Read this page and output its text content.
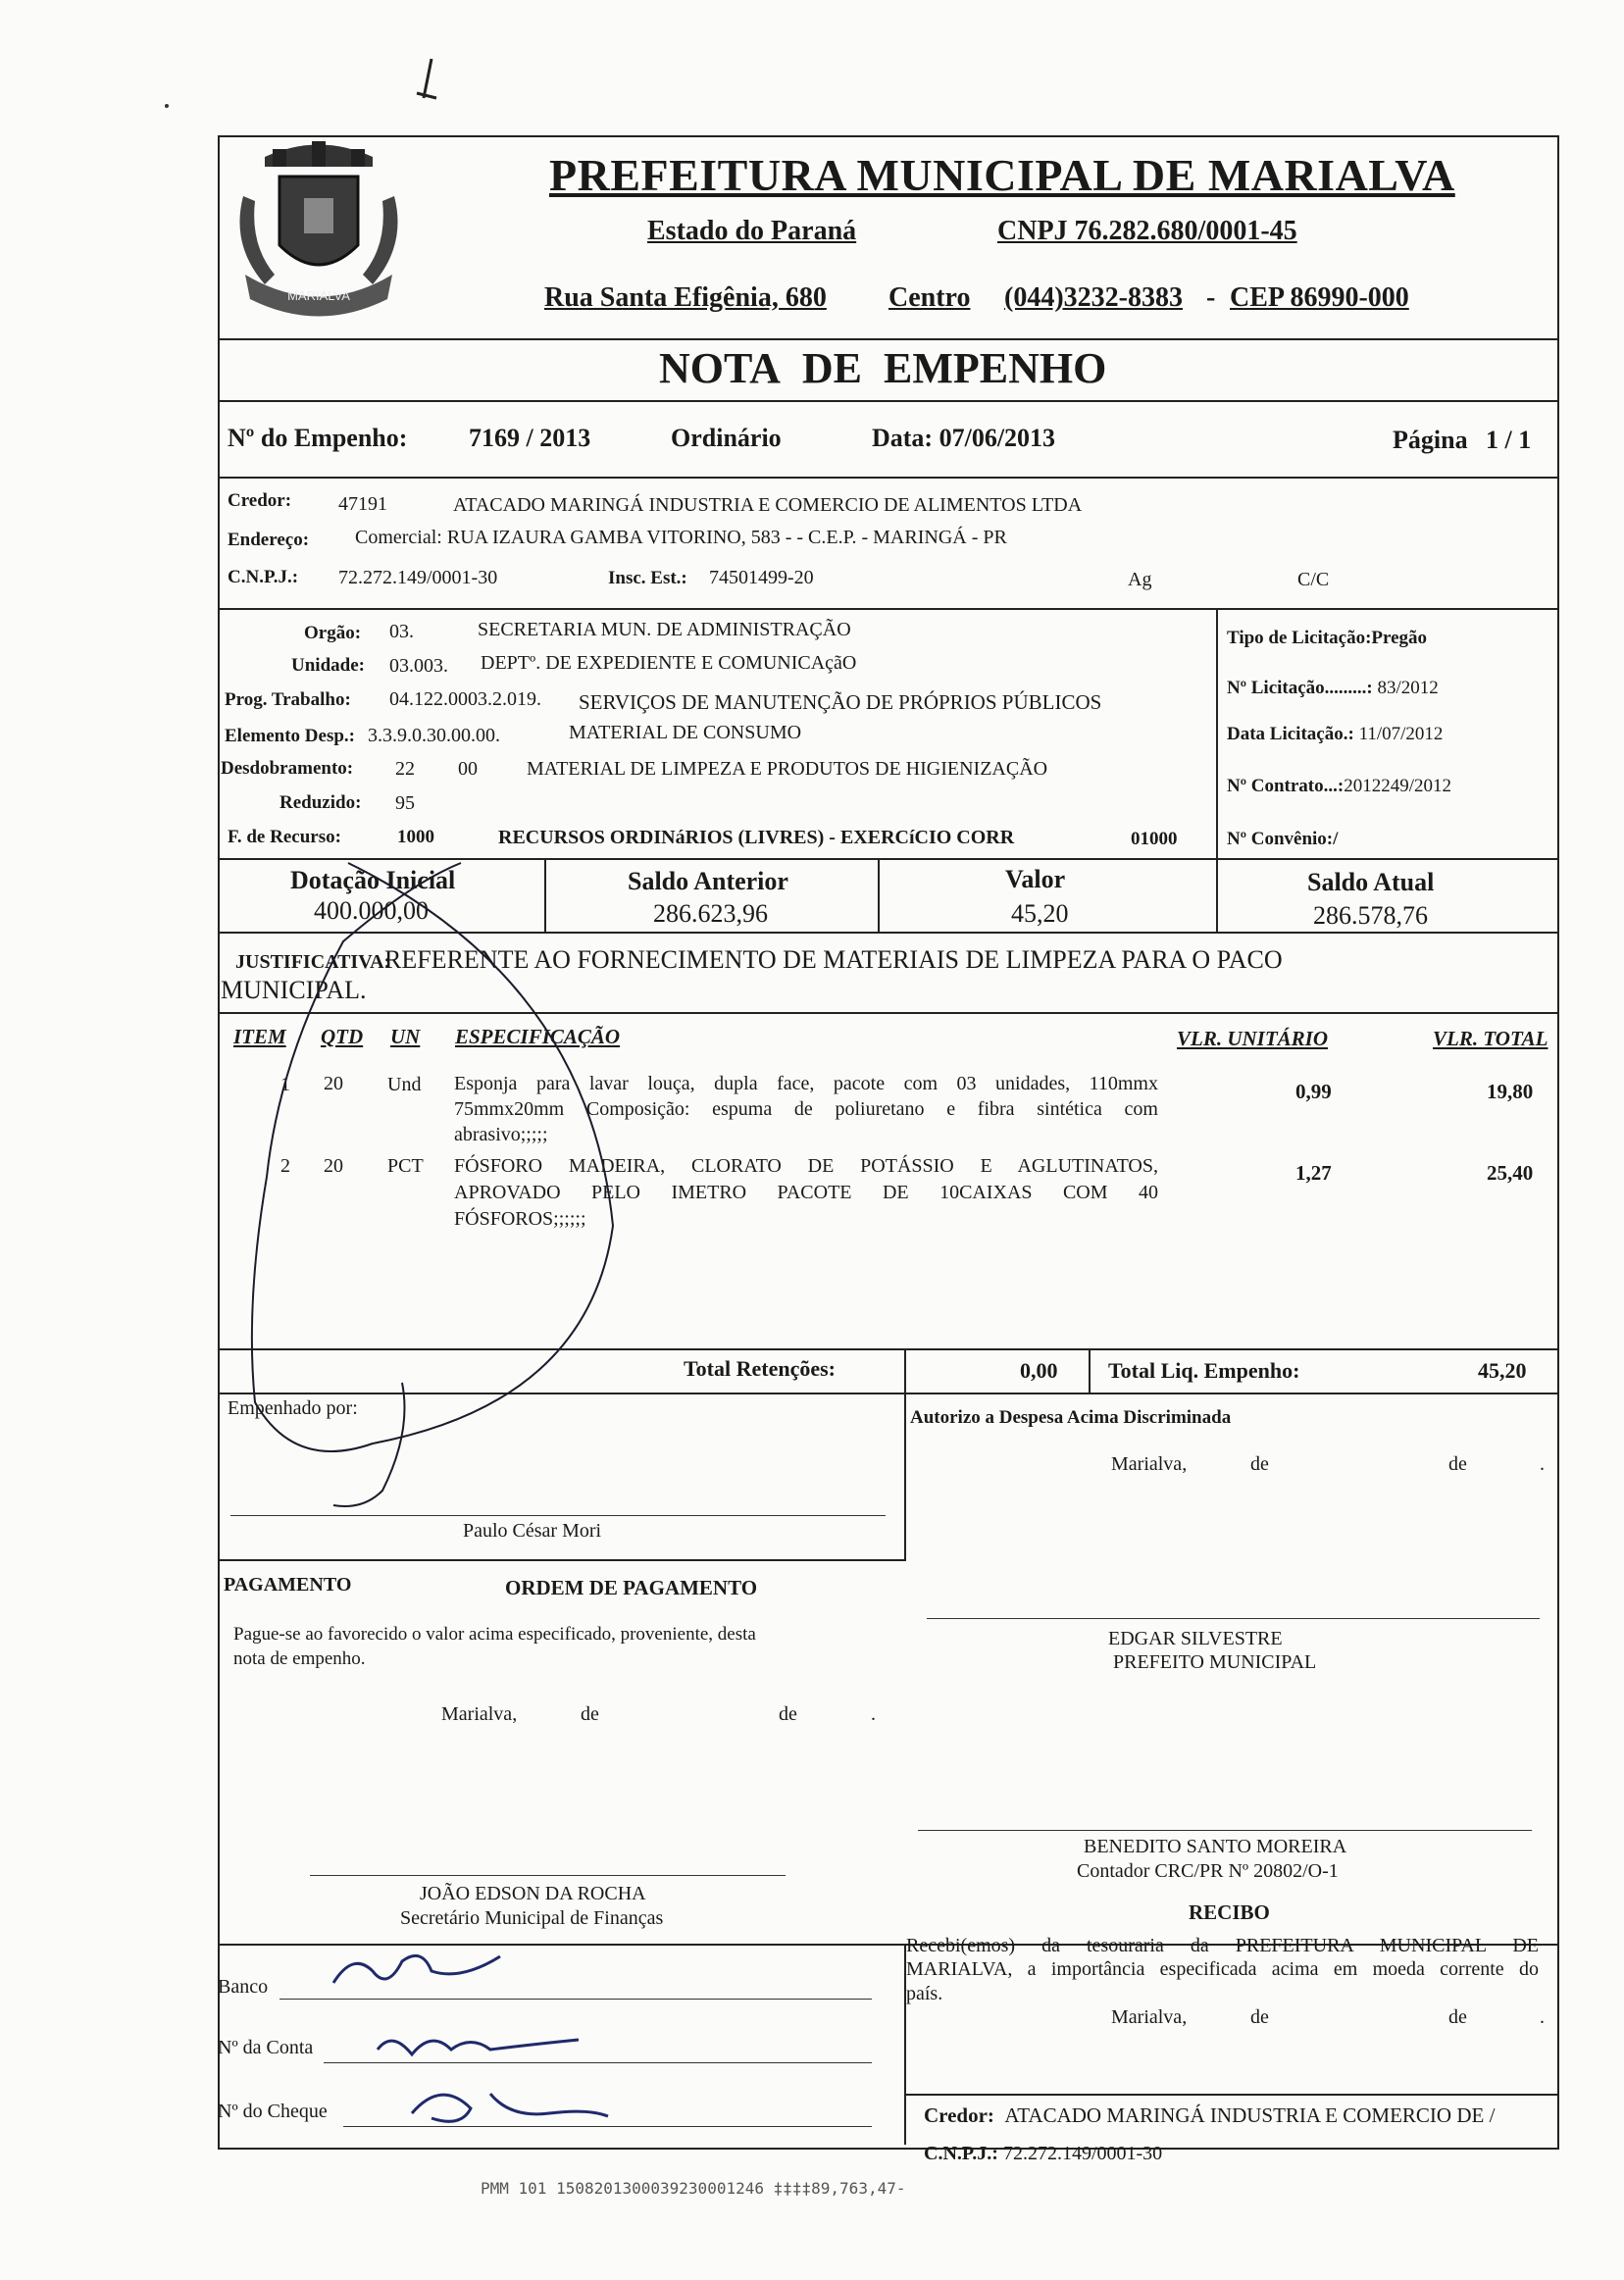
MARIALVA
PREFEITURA MUNICIPAL DE MARIALVA
Estado do Paraná	CNPJ 76.282.680/0001-45
Rua Santa Efigênia, 680 Centro (044)3232-8383 - CEP 86990-000
NOTA DE EMPENHO
Nº do Empenho: 7169 / 2013	Ordinário	Data: 07/06/2013	Página 1 / 1
Credor: 47191	ATACADO MARINGÁ INDUSTRIA E COMERCIO DE ALIMENTOS LTDA
Endereço: Comercial: RUA IZAURA GAMBA VITORINO, 583 - - C.E.P. - MARINGÁ - PR
C.N.P.J.: 72.272.149/0001-30	Insc. Est.: 74501499-20	Ag	C/C
Orgão: 03.	SECRETARIA MUN. DE ADMINISTRAÇÃO
Unidade: 03.003. DEPTº. DE EXPEDIENTE E COMUNICAçãO
Prog. Trabalho: 04.122.0003.2.019. SERVIÇOS DE MANUTENÇÃO DE PRÓPRIOS PÚBLICOS
Elemento Desp.: 3.3.9.0.30.00.00.	MATERIAL DE CONSUMO
Desdobramento: 22 00	MATERIAL DE LIMPEZA E PRODUTOS DE HIGIENIZAÇÃO
Reduzido: 95
F. de Recurso:	1000	RECURSOS ORDINáRIOS (LIVRES) - EXERCíCIO CORR	01000
Tipo de Licitação:Pregão
Nº Licitação.........: 83/2012
Data Licitação.: 11/07/2012
Nº Contrato...:2012249/2012
Nº Convênio:/
Dotação Inicial
400.000,00
Saldo Anterior
286.623,96
Valor
45,20
Saldo Atual
286.578,76
JUSTIFICATIVA:
REFERENTE AO FORNECIMENTO DE MATERIAIS DE LIMPEZA PARA O PACO
MUNICIPAL.
ITEM QTD UN ESPECIFICAÇÃO	VLR. UNITÁRIO	VLR. TOTAL
1 20 Und Esponja para lavar louça, dupla face, pacote com 03 unidades, 110mmx
75mmx20mm Composição: espuma de poliuretano e fibra sintética com
abrasivo;;;;;
0,99	19,80
2 20 PCT FÓSFORO MADEIRA, CLORATO DE POTÁSSIO E AGLUTINATOS,
APROVADO PELO IMETRO PACOTE DE 10CAIXAS COM 40
FÓSFOROS;;;;;;
1,27	25,40
Total Retenções:	0,00 Total Liq. Empenho:	45,20
Empenhado por:
Paulo César Mori
Autorizo a Despesa Acima Discriminada
Marialva,	de	de	.
PAGAMENTO	ORDEM DE PAGAMENTO
Pague-se ao favorecido o valor acima especificado, proveniente, desta
nota de empenho.
Marialva,	de	de	.
EDGAR SILVESTRE
PREFEITO MUNICIPAL
BENEDITO SANTO MOREIRA
Contador CRC/PR Nº 20802/O-1
JOÃO EDSON DA ROCHA
Secretário Municipal de Finanças	RECIBO
Recebi(emos) da tesouraria da PREFEITURA MUNICIPAL DE
MARIALVA, a importância especificada acima em moeda corrente do
país.
Marialva,	de	de	.
Banco
Nº da Conta
Nº do Cheque	Credor: ATACADO MARINGÁ INDUSTRIA E COMERCIO DE /
C.N.P.J.: 72.272.149/0001-30
PMM 101 1508201300039230001246 ‡‡‡‡89,763,47-
